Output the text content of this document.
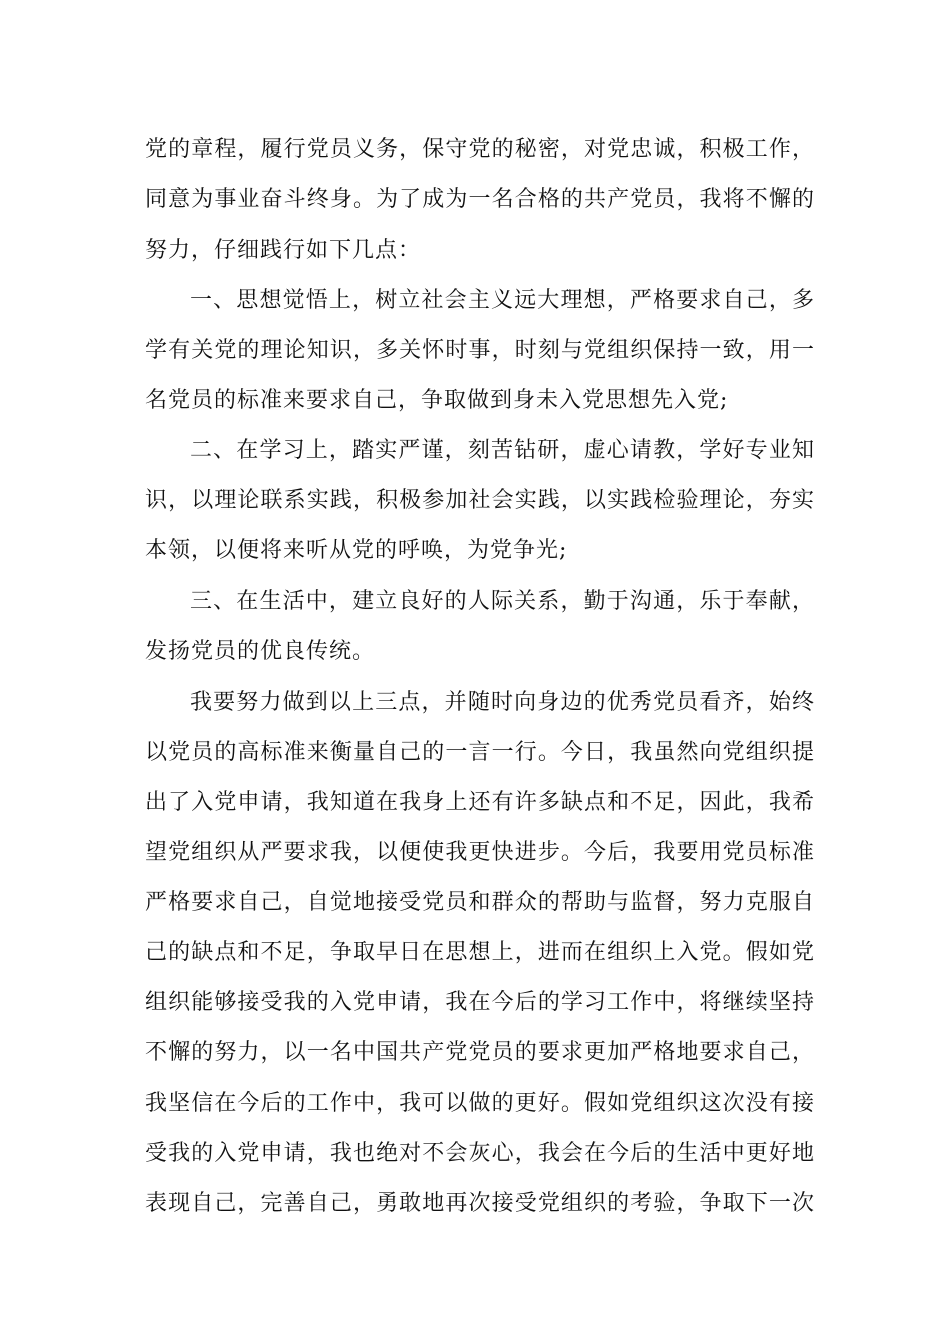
党的章程，履行党员义务，保守党的秘密，对党忠诚，积极工作，
同意为事业奋斗终身。为了成为一名合格的共产党员，我将不懈的
努力，仔细践行如下几点：
一、思想觉悟上，树立社会主义远大理想，严格要求自己，多
学有关党的理论知识，多关怀时事，时刻与党组织保持一致，用一
名党员的标准来要求自己，争取做到身未入党思想先入党;
二、在学习上，踏实严谨，刻苦钻研，虚心请教，学好专业知
识，以理论联系实践，积极参加社会实践，以实践检验理论，夯实
本领，以便将来听从党的呼唤，为党争光;
三、在生活中，建立良好的人际关系，勤于沟通，乐于奉献，
发扬党员的优良传统。
我要努力做到以上三点，并随时向身边的优秀党员看齐，始终
以党员的高标准来衡量自己的一言一行。今日，我虽然向党组织提
出了入党申请，我知道在我身上还有许多缺点和不足，因此，我希
望党组织从严要求我，以便使我更快进步。今后，我要用党员标准
严格要求自己，自觉地接受党员和群众的帮助与监督，努力克服自
己的缺点和不足，争取早日在思想上，进而在组织上入党。假如党
组织能够接受我的入党申请，我在今后的学习工作中，将继续坚持
不懈的努力，以一名中国共产党党员的要求更加严格地要求自己，
我坚信在今后的工作中，我可以做的更好。假如党组织这次没有接
受我的入党申请，我也绝对不会灰心，我会在今后的生活中更好地
表现自己，完善自己，勇敢地再次接受党组织的考验，争取下一次
